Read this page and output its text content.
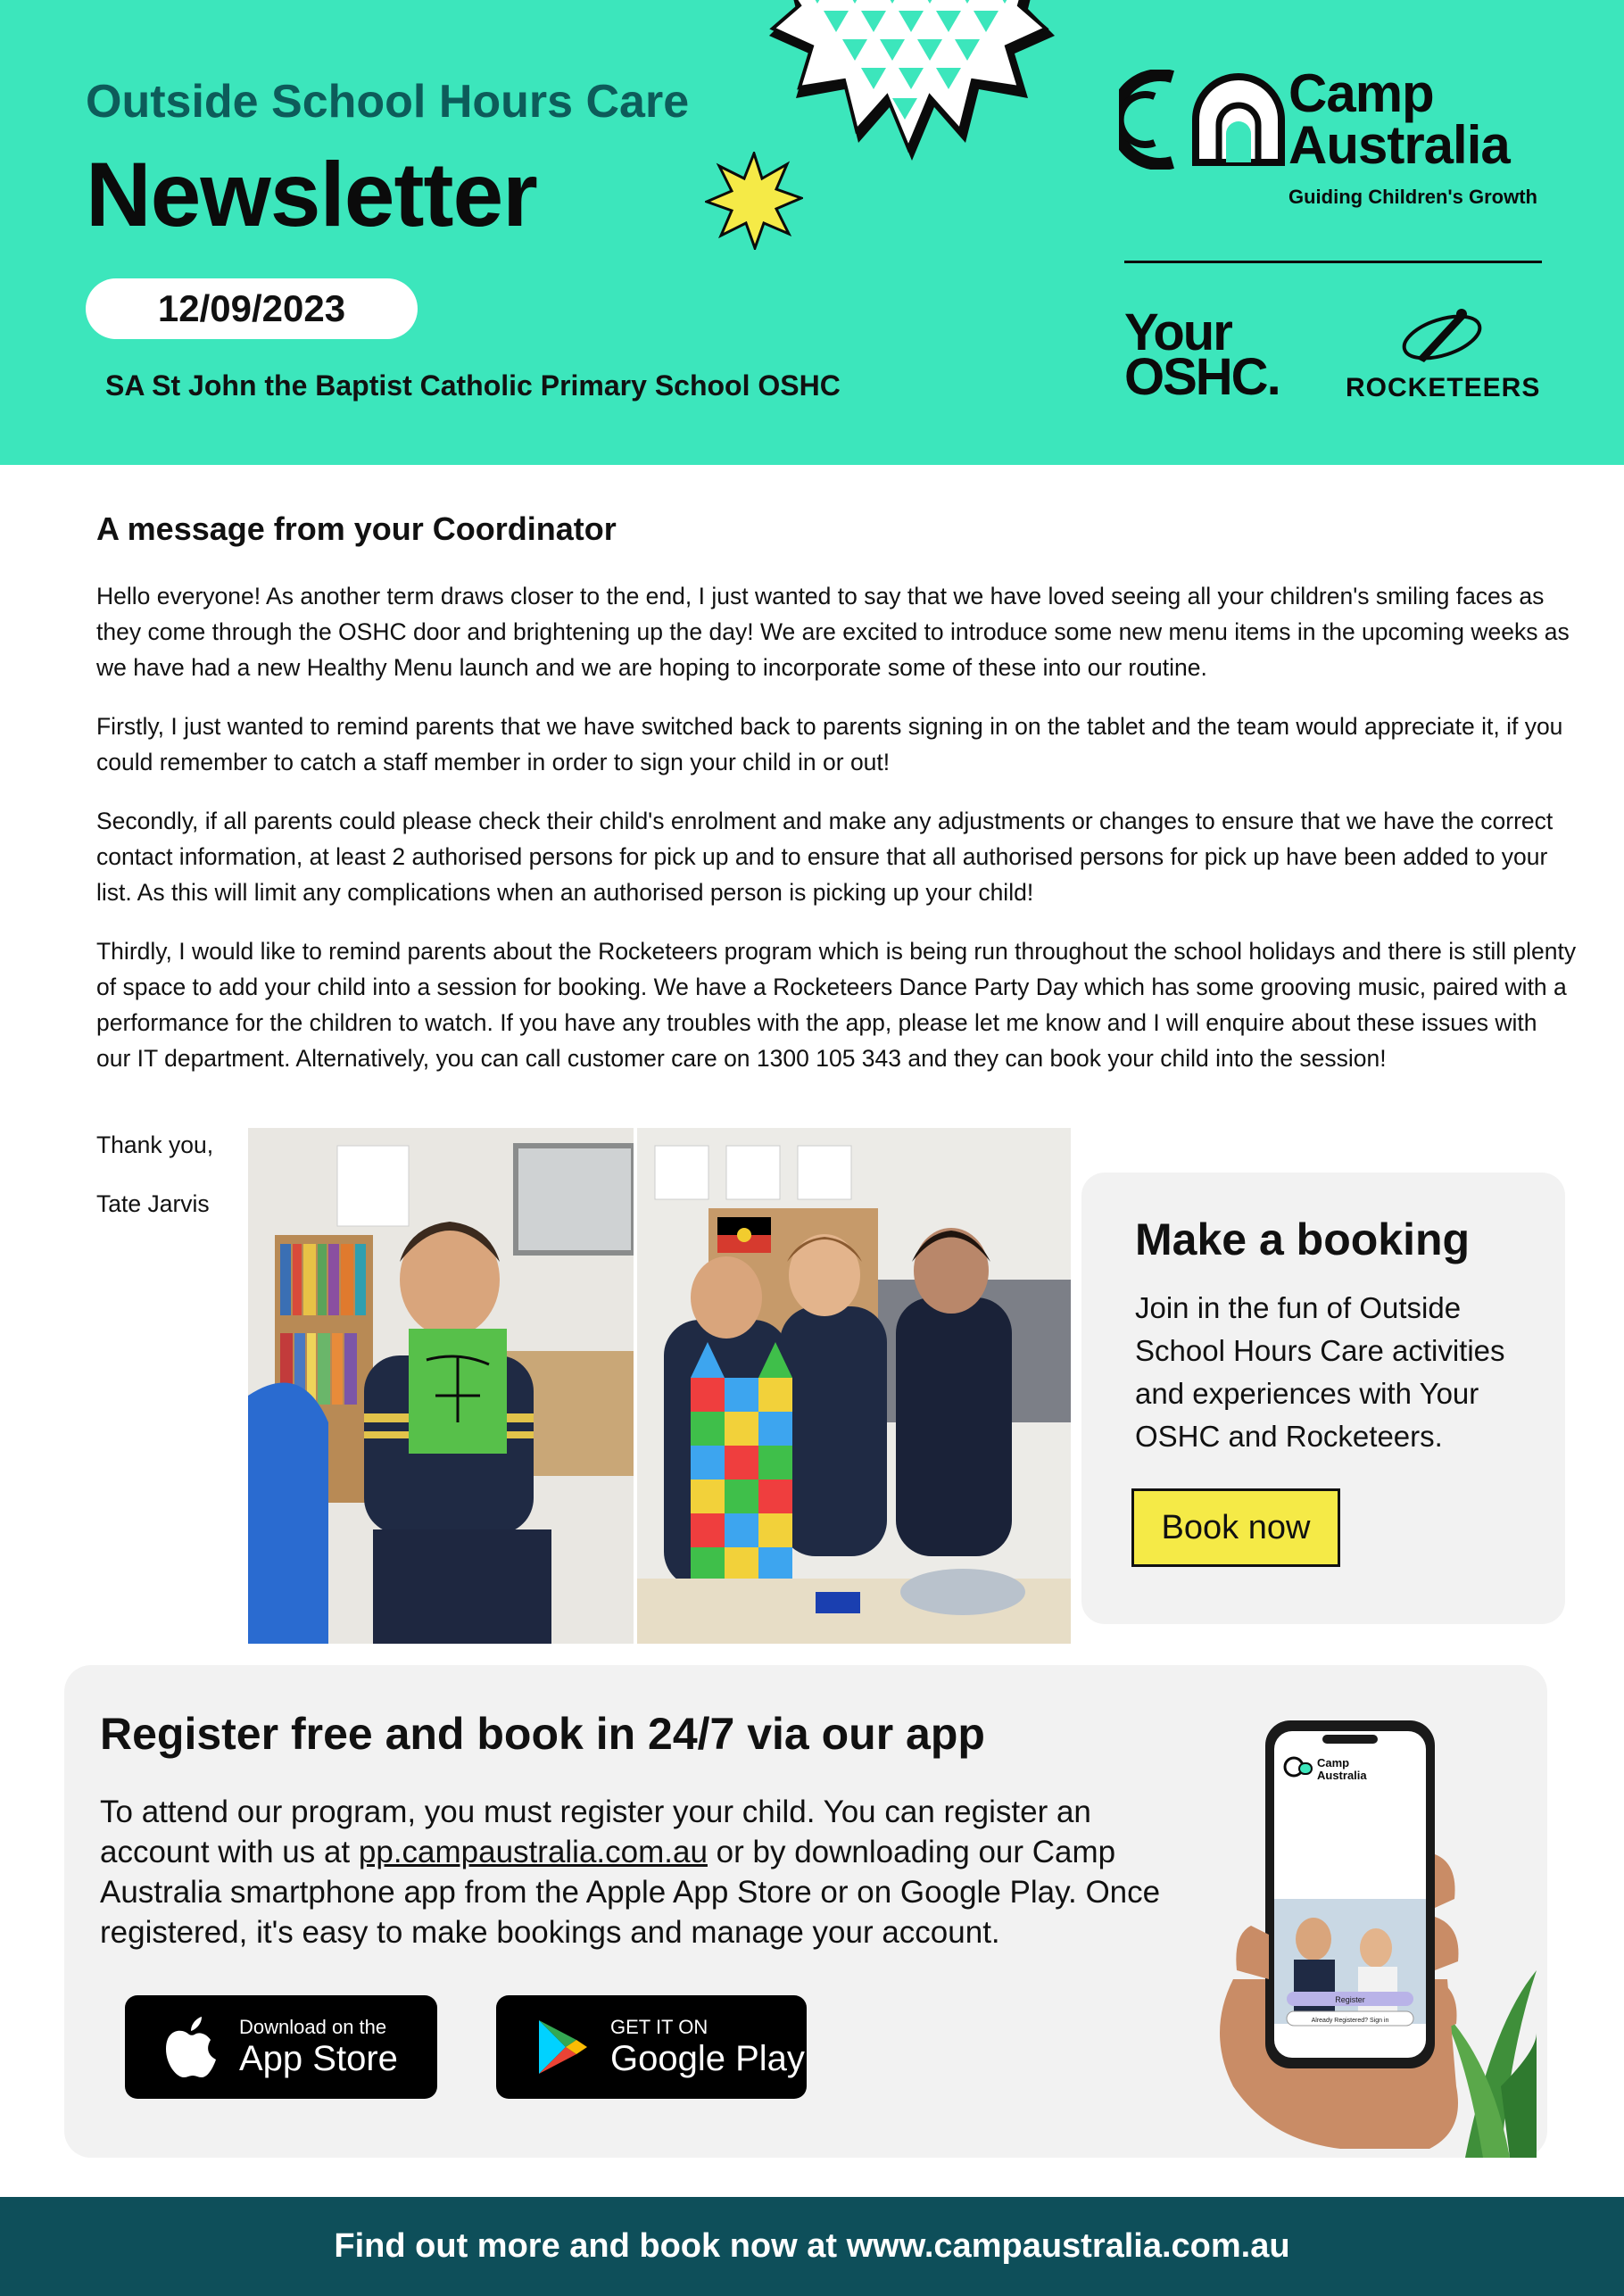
Outside School Hours Care
Newsletter
12/09/2023
SA St John the Baptist Catholic Primary School OSHC
Camp
Australia
Guiding Children's Growth
Your
OSHC. ROCKETEERS
A message from your Coordinator

Hello everyone! As another term draws closer to the end, I just wanted to say that we have loved seeing all your children's smiling faces as they come through the OSHC door and brightening up the day! We are excited to introduce some new menu items in the upcoming weeks as we have had a new Healthy Menu launch and we are hoping to incorporate some of these into our routine.

Firstly, I just wanted to remind parents that we have switched back to parents signing in on the tablet and the team would appreciate it, if you could remember to catch a staff member in order to sign your child in or out!

Secondly, if all parents could please check their child's enrolment and make any adjustments or changes to ensure that we have the correct contact information, at least 2 authorised persons for pick up and to ensure that all authorised persons for pick up have been added to your list. As this will limit any complications when an authorised person is picking up your child!

Thirdly, I would like to remind parents about the Rocketeers program which is being run throughout the school holidays and there is still plenty of space to add your child into a session for booking. We have a Rocketeers Dance Party Day which has some grooving music, paired with a performance for the children to watch. If you have any troubles with the app, please let me know and I will enquire about these issues with our IT department. Alternatively, you can call customer care on 1300 105 343 and they can book your child into the session!

Thank you,
Tate Jarvis
Make a booking
Join in the fun of Outside School Hours Care activities and experiences with Your OSHC and Rocketeers.
Book now
Register free and book in 24/7 via our app
To attend our program, you must register your child. You can register an account with us at pp.campaustralia.com.au or by downloading our Camp Australia smartphone app from the Apple App Store or on Google Play. Once registered, it's easy to make bookings and manage your account.
Download on the
App Store
GET IT ON
Google Play
Camp
Australia
Register
Already Registered? Sign in
Find out more and book now at www.campaustralia.com.au
